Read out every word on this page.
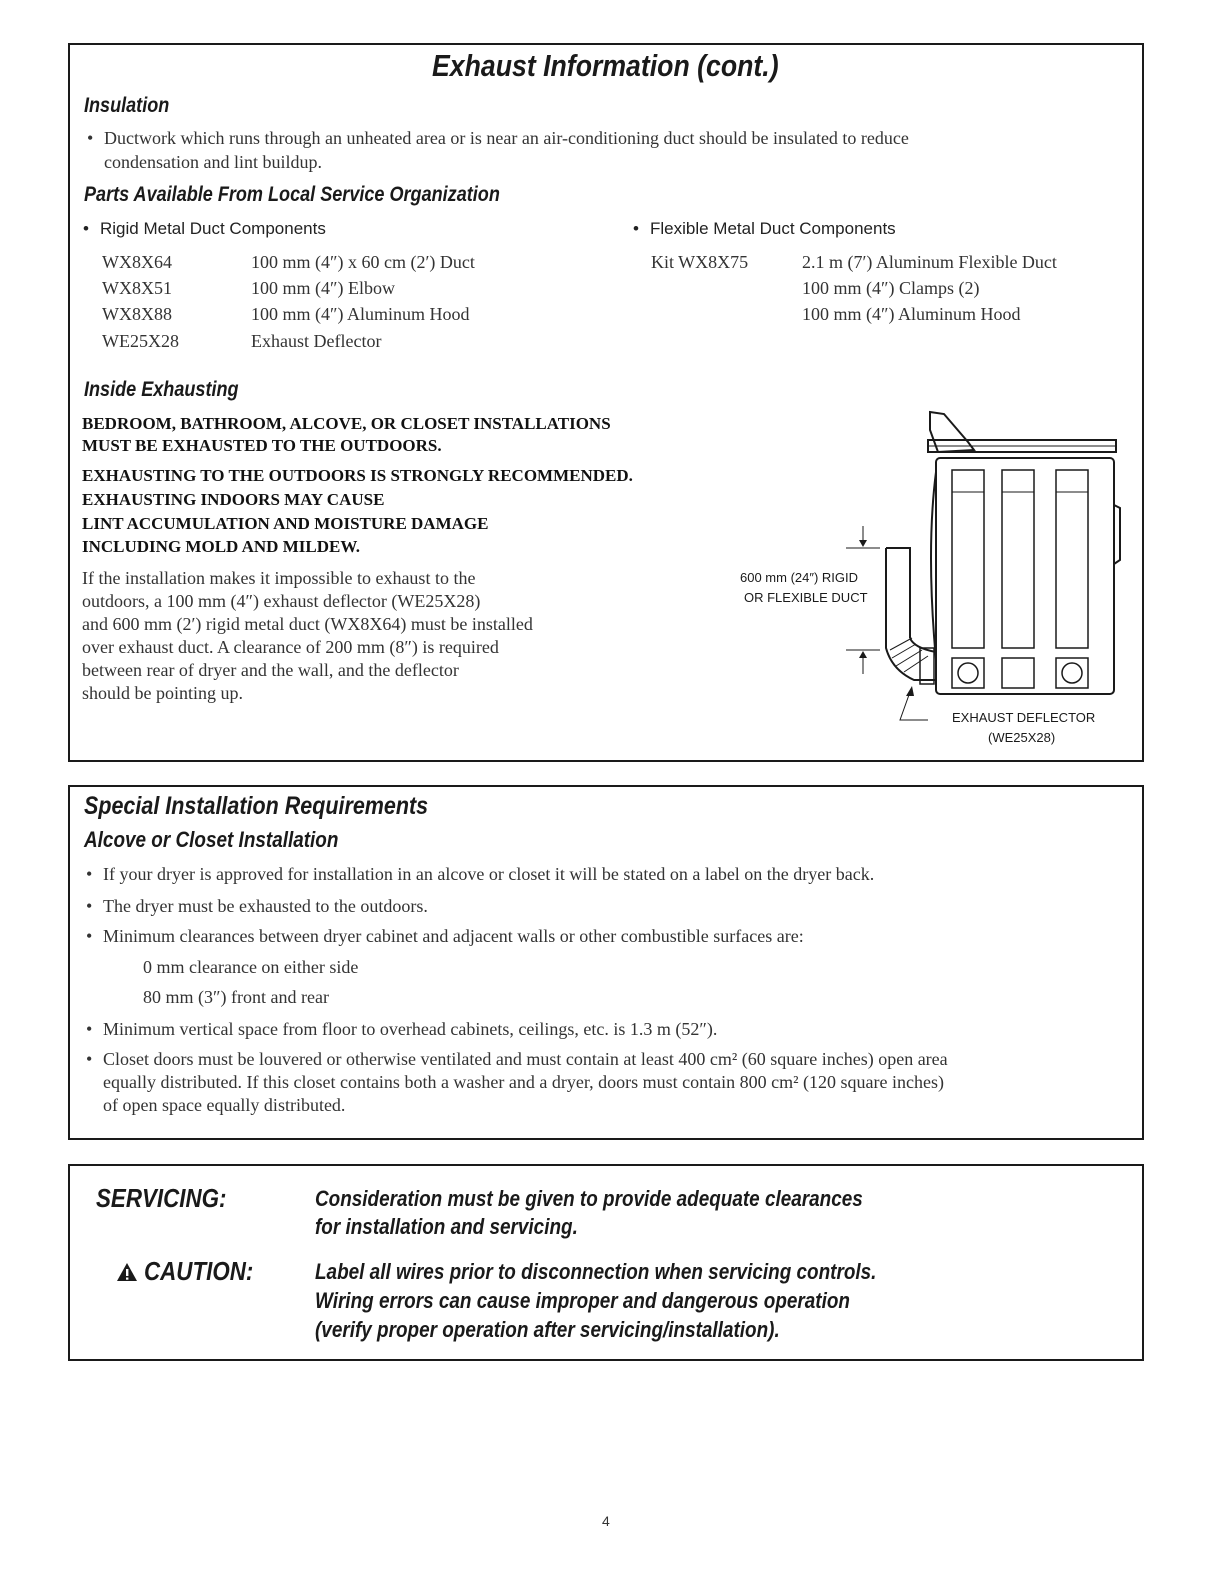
Exhaust Information (cont.)
Insulation
• Ductwork which runs through an unheated area or is near an air-conditioning duct should be insulated to reduce
condensation and lint buildup.
Parts Available From Local Service Organization
• Rigid Metal Duct Components
WX8X64	100 mm (4″) x 60 cm (2′) Duct
WX8X51	100 mm (4″) Elbow
WX8X88	100 mm (4″) Aluminum Hood
WE25X28	Exhaust Deflector
• Flexible Metal Duct Components
Kit WX8X75	2.1 m (7′) Aluminum Flexible Duct
100 mm (4″) Clamps (2)
100 mm (4″) Aluminum Hood
Inside Exhausting
BEDROOM, BATHROOM, ALCOVE, OR CLOSET INSTALLATIONS
MUST BE EXHAUSTED TO THE OUTDOORS.
EXHAUSTING TO THE OUTDOORS IS STRONGLY RECOMMENDED.
EXHAUSTING INDOORS MAY CAUSE
LINT ACCUMULATION AND MOISTURE DAMAGE
INCLUDING MOLD AND MILDEW.
If the installation makes it impossible to exhaust to the
outdoors, a 100 mm (4″) exhaust deflector (WE25X28)
and 600 mm (2′) rigid metal duct (WX8X64) must be installed
over exhaust duct. A clearance of 200 mm (8″) is required
between rear of dryer and the wall, and the deflector
should be pointing up.
600 mm (24″) RIGID
OR FLEXIBLE DUCT
EXHAUST DEFLECTOR
(WE25X28)
Special Installation Requirements
Alcove or Closet Installation
• If your dryer is approved for installation in an alcove or closet it will be stated on a label on the dryer back.
• The dryer must be exhausted to the outdoors.
• Minimum clearances between dryer cabinet and adjacent walls or other combustible surfaces are:
0 mm clearance on either side
80 mm (3″) front and rear
• Minimum vertical space from floor to overhead cabinets, ceilings, etc. is 1.3 m (52″).
• Closet doors must be louvered or otherwise ventilated and must contain at least 400 cm² (60 square inches) open area
equally distributed. If this closet contains both a washer and a dryer, doors must contain 800 cm² (120 square inches)
of open space equally distributed.
SERVICING:	Consideration must be given to provide adequate clearances
for installation and servicing.
CAUTION:	Label all wires prior to disconnection when servicing controls.
Wiring errors can cause improper and dangerous operation
(verify proper operation after servicing/installation).
4
